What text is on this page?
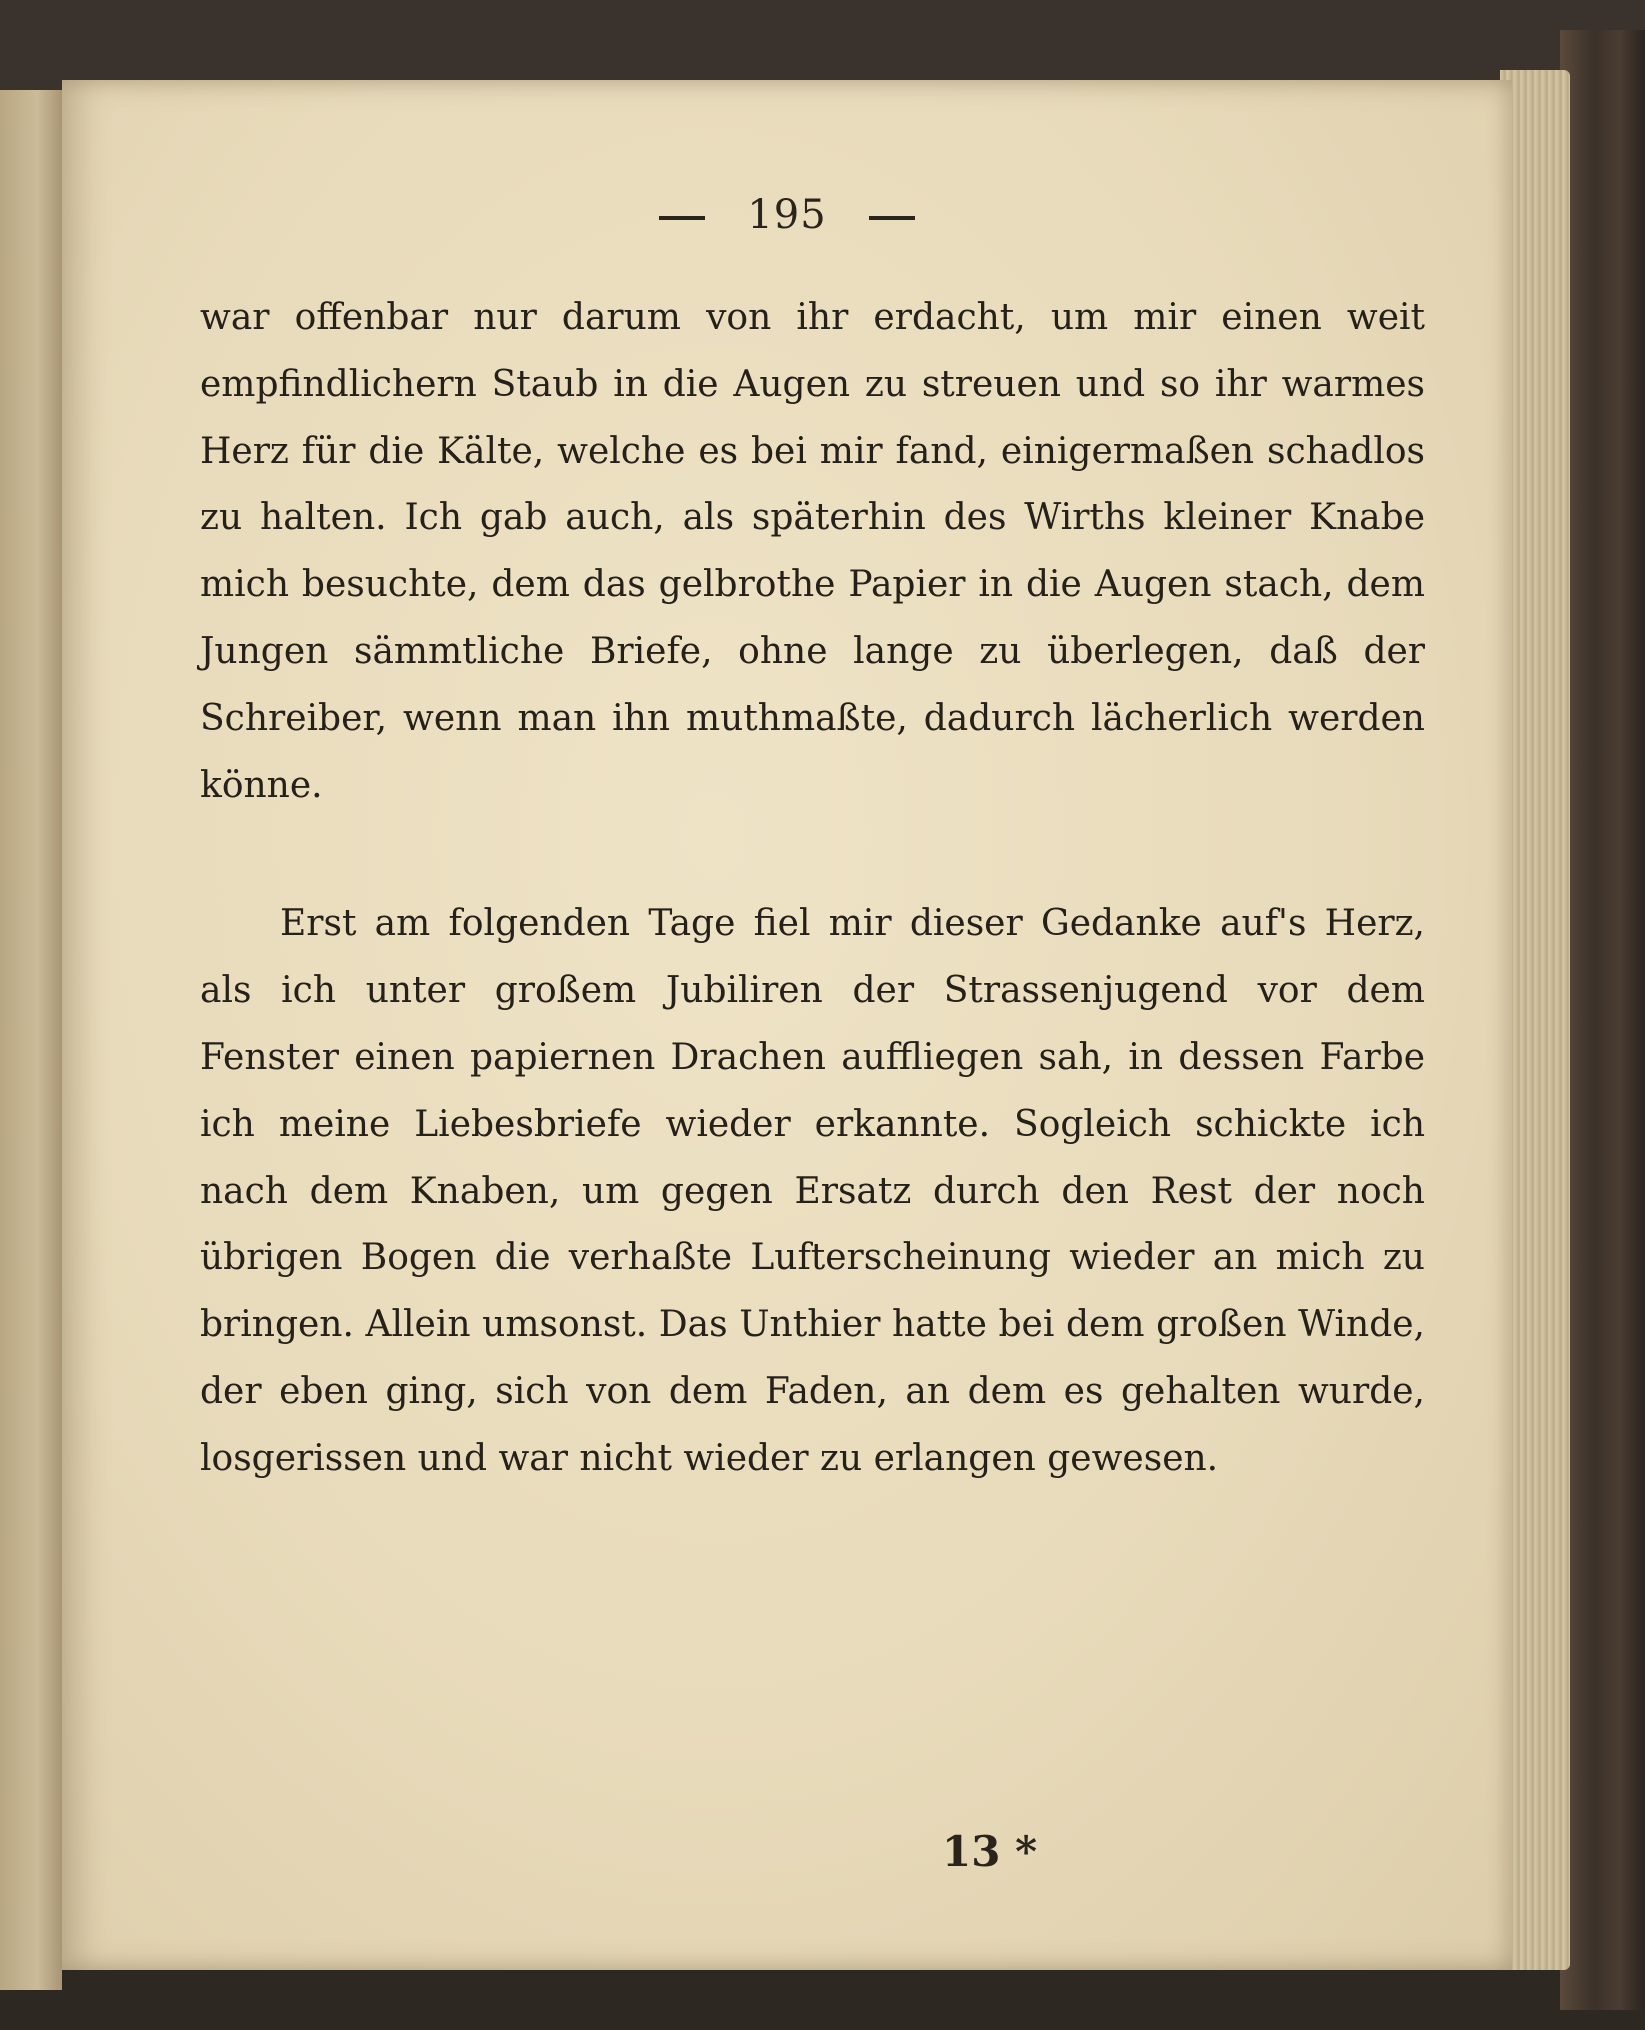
195

war offenbar nur darum von ihr erdacht, um mir einen weit empfindlichern Staub in die Augen zu streuen und so ihr warmes Herz für die Kälte, welche es bei mir fand, einigermaßen schadlos zu halten. Ich gab auch, als späterhin des Wirths kleiner Knabe mich besuchte, dem das gelbrothe Papier in die Augen stach, dem Jungen sämmtliche Briefe, ohne lange zu überlegen, daß der Schreiber, wenn man ihn muthmaßte, dadurch lächerlich werden könne.

Erst am folgenden Tage fiel mir dieser Gedanke auf's Herz, als ich unter großem Jubiliren der Strassenjugend vor dem Fenster einen papiernen Drachen auffliegen sah, in dessen Farbe ich meine Liebesbriefe wieder erkannte. Sogleich schickte ich nach dem Knaben, um gegen Ersatz durch den Rest der noch übrigen Bogen die verhaßte Lufterscheinung wieder an mich zu bringen. Allein umsonst. Das Unthier hatte bei dem großen Winde, der eben ging, sich von dem Faden, an dem es gehalten wurde, losgerissen und war nicht wieder zu erlangen gewesen.

13 *
